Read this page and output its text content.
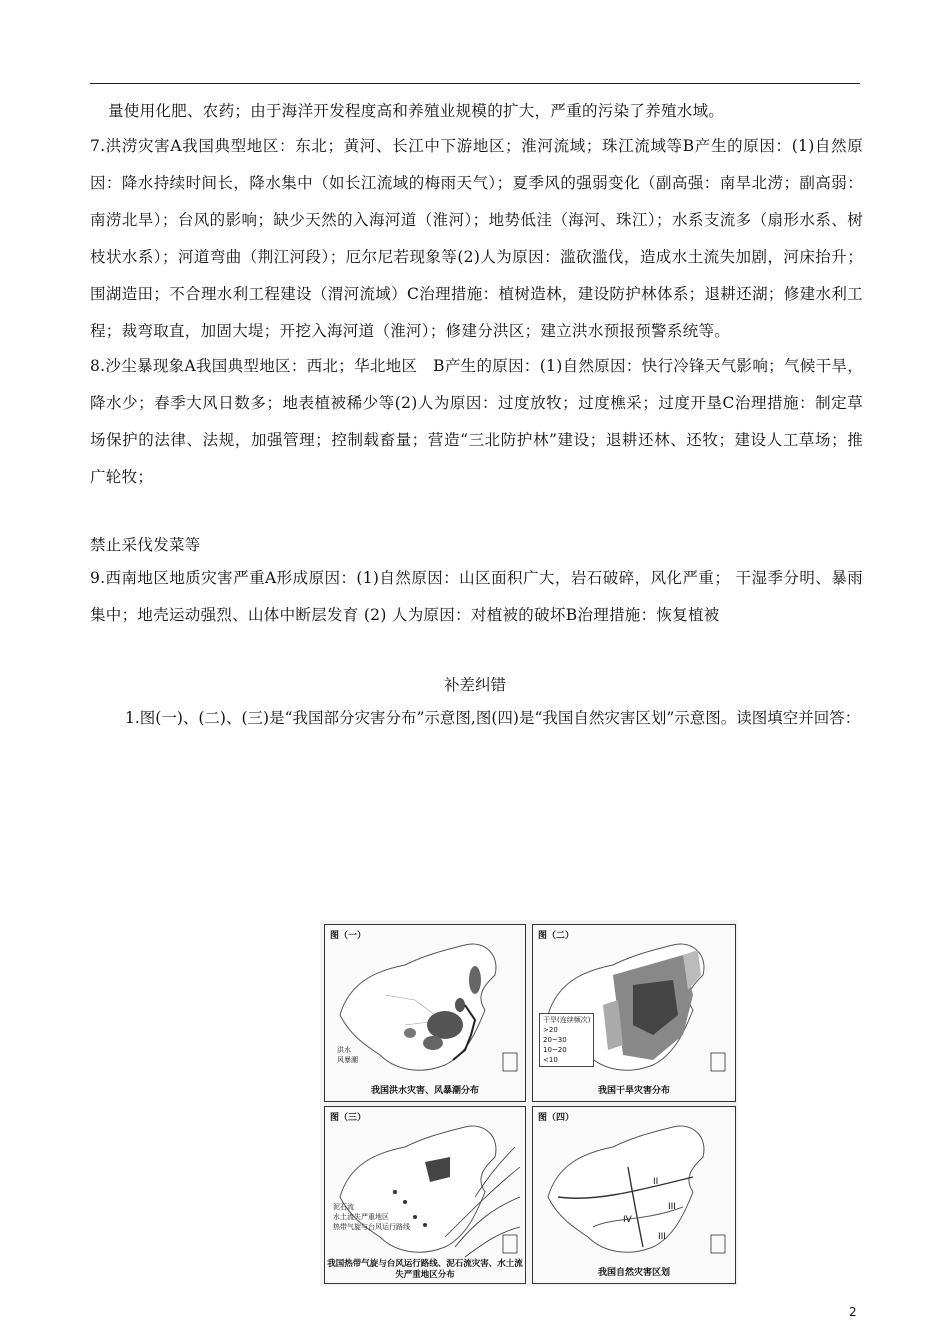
量使用化肥、农药；由于海洋开发程度高和养殖业规模的扩大，严重的污染了养殖水域。

7.洪涝灾害A我国典型地区：东北；黄河、长江中下游地区；淮河流域；珠江流域等B产生的原因：(1)自然原因：降水持续时间长，降水集中（如长江流域的梅雨天气）；夏季风的强弱变化（副高强：南旱北涝；副高弱：南涝北旱）；台风的影响；缺少天然的入海河道（淮河）；地势低洼（海河、珠江）；水系支流多（扇形水系、树枝状水系）；河道弯曲（荆江河段）；厄尔尼若现象等(2)人为原因：滥砍滥伐，造成水土流失加剧，河床抬升；围湖造田；不合理水利工程建设（渭河流域）C治理措施：植树造林，建设防护林体系；退耕还湖；修建水利工程；裁弯取直，加固大堤；开挖入海河道（淮河）；修建分洪区；建立洪水预报预警系统等。

8.沙尘暴现象A我国典型地区：西北；华北地区　B产生的原因：(1)自然原因：快行冷锋天气影响；气候干旱，降水少；春季大风日数多；地表植被稀少等(2)人为原因：过度放牧；过度樵采；过度开垦C治理措施：制定草场保护的法律、法规，加强管理；控制载畜量；营造“三北防护林”建设；退耕还林、还牧；建设人工草场；推广轮牧；

禁止采伐发菜等

9.西南地区地质灾害严重A形成原因：(1)自然原因：山区面积广大，岩石破碎，风化严重； 干湿季分明、暴雨集中；地壳运动强烈、山体中断层发育 (2) 人为原因：对植被的破坏B治理措施：恢复植被

补差纠错

1.图(一)、(二)、(三)是“我国部分灾害分布”示意图,图(四)是“我国自然灾害区划”示意图。读图填空并回答：

图（一）
洪水
风暴潮
我国洪水灾害、风暴潮分布
图（二）
干旱(连续频次)
>20
20~30
10~20
<10
我国干旱灾害分布
图（三）
泥石流
水土流失严重地区
热带气旋与台风运行路线
我国热带气旋与台风运行路线、泥石流灾害、水土流失严重地区分布
图（四）
II
III
IV
III
我国自然灾害区划
2
